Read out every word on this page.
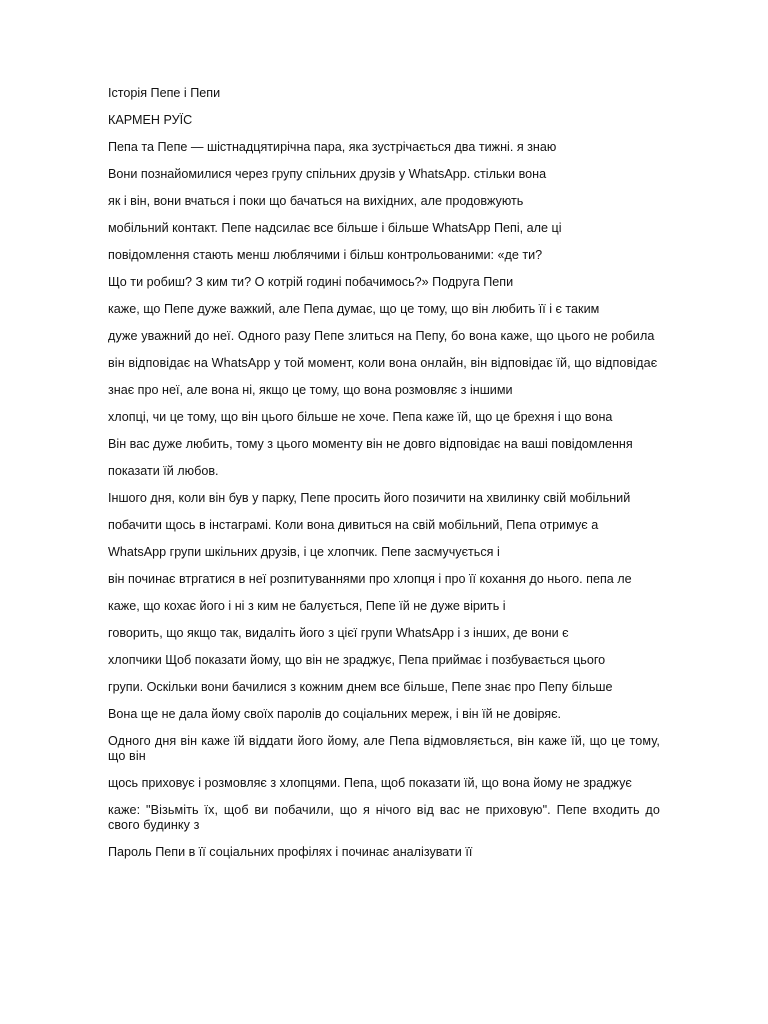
Історія Пепе і Пепи
КАРМЕН РУЇС
Пепа та Пепе — шістнадцятирічна пара, яка зустрічається два тижні. я знаю
Вони познайомилися через групу спільних друзів у WhatsApp. стільки вона
як і він, вони вчаться і поки що бачаться на вихідних, але продовжують
мобільний контакт. Пепе надсилає все більше і більше WhatsApp Пепі, але ці
повідомлення стають менш люблячими і більш контрольованими: «де ти?
Що ти робиш? З ким ти? О котрій годині побачимось?» Подруга Пепи
каже, що Пепе дуже важкий, але Пепа думає, що це тому, що він любить її і є таким
дуже уважний до неї. Одного разу Пепе злиться на Пепу, бо вона каже, що цього не робила
він відповідає на WhatsApp у той момент, коли вона онлайн, він відповідає їй, що відповідає
знає про неї, але вона ні, якщо це тому, що вона розмовляє з іншими
хлопці, чи це тому, що він цього більше не хоче. Пепа каже їй, що це брехня і що вона
Він вас дуже любить, тому з цього моменту він не довго відповідає на ваші повідомлення
показати їй любов.
Іншого дня, коли він був у парку, Пепе просить його позичити на хвилинку свій мобільний
побачити щось в інстаграмі. Коли вона дивиться на свій мобільний, Пепа отримує а
WhatsApp групи шкільних друзів, і це хлопчик. Пепе засмучується і
він починає втргатися в неї розпитуваннями про хлопця і про її кохання до нього. пепа ле
каже, що кохає його і ні з ким не балується, Пепе їй не дуже вірить і
говорить, що якщо так, видаліть його з цієї групи WhatsApp і з інших, де вони є
хлопчики Щоб показати йому, що він не зраджує, Пепа приймає і позбувається цього
групи. Оскільки вони бачилися з кожним днем все більше, Пепе знає про Пепу більше
Вона ще не дала йому своїх паролів до соціальних мереж, і він їй не довіряє.
Одного дня він каже їй віддати його йому, але Пепа відмовляється, він каже їй, що це тому, що він
щось приховує і розмовляє з хлопцями. Пепа, щоб показати їй, що вона йому не зраджує
каже: "Візьміть їх, щоб ви побачили, що я нічого від вас не приховую". Пепе входить до свого будинку з
Пароль Пепи в її соціальних профілях і починає аналізувати її
